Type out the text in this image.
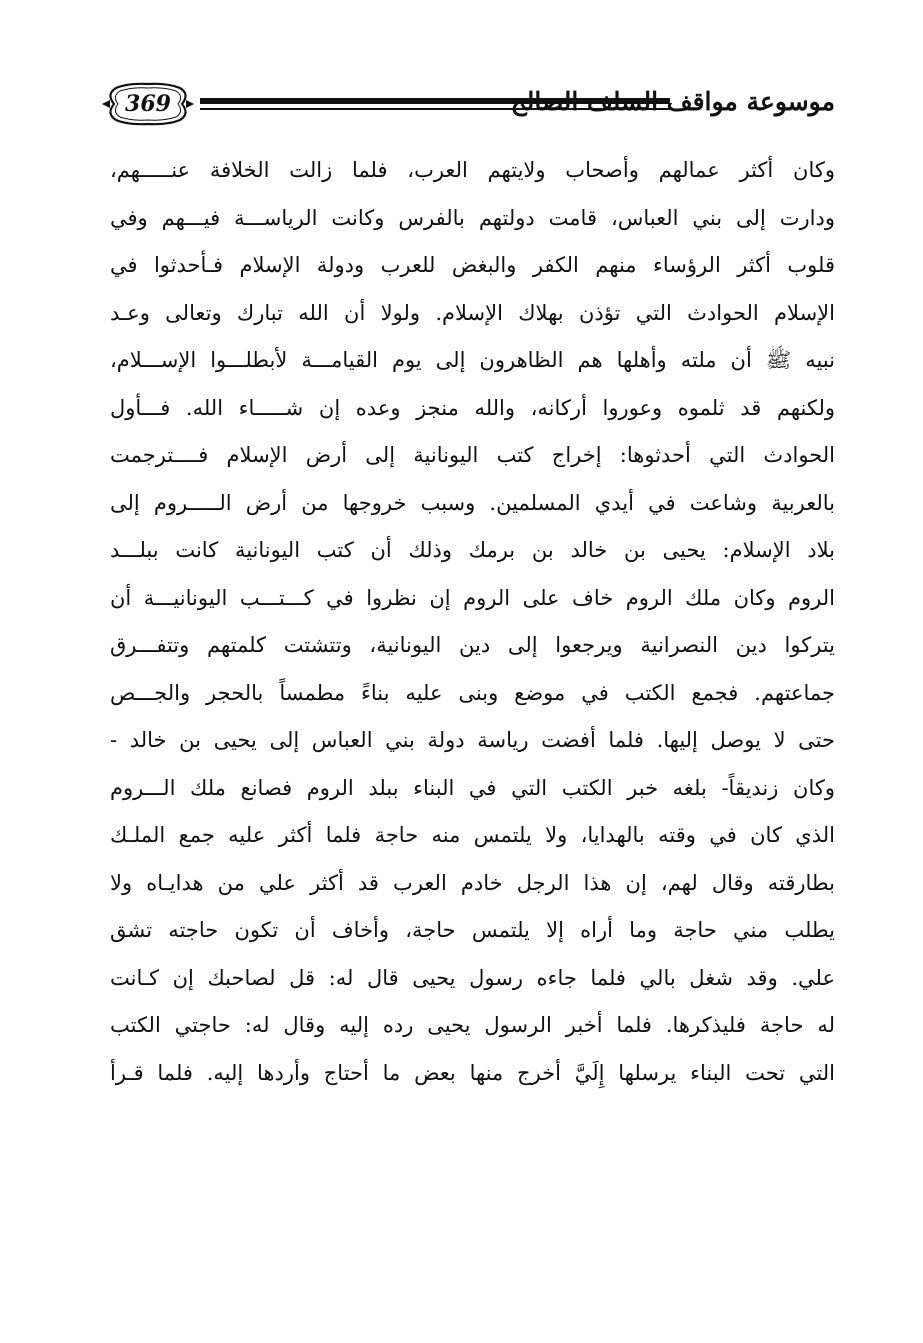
369	موسوعة مواقف السلف الصالح
وكان أكثر عمالهم وأصحاب ولايتهم العرب، فلما زالت الخلافة عنـــــهم،
ودارت إلى بني العباس، قامت دولتهم بالفرس وكانت الرياســـة فيـــهم وفي
قلوب أكثر الرؤساء منهم الكفر والبغض للعرب ودولة الإسلام فـأحدثوا في
الإسلام الحوادث التي تؤذن بهلاك الإسلام. ولولا أن الله تبارك وتعالى وعـد
نبيه ﷺ أن ملته وأهلها هم الظاهرون إلى يوم القيامـــة لأبطلـــوا الإســـلام،
ولكنهم قد ثلموه وعوروا أركانه، والله منجز وعده إن شـــــاء الله. فـــأول
الحوادث التي أحدثوها: إخراج كتب اليونانية إلى أرض الإسلام فــــترجمت
بالعربية وشاعت في أيدي المسلمين. وسبب خروجها من أرض الـــــروم إلى
بلاد الإسلام: يحيى بن خالد بن برمك وذلك أن كتب اليونانية كانت ببلـــد
الروم وكان ملك الروم خاف على الروم إن نظروا في كـــتـــب اليونانيـــة أن
يتركوا دين النصرانية ويرجعوا إلى دين اليونانية، وتتشتت كلمتهم وتتفـــرق
جماعتهم. فجمع الكتب في موضع وبنى عليه بناءً مطمساً بالحجر والجـــص
حتى لا يوصل إليها. فلما أفضت رياسة دولة بني العباس إلى يحيى بن خالد -
وكان زنديقاً- بلغه خبر الكتب التي في البناء ببلد الروم فصانع ملك الـــروم
الذي كان في وقته بالهدايا، ولا يلتمس منه حاجة فلما أكثر عليه جمع الملـك
بطارقته وقال لهم، إن هذا الرجل خادم العرب قد أكثر علي من هدايـاه ولا
يطلب مني حاجة وما أراه إلا يلتمس حاجة، وأخاف أن تكون حاجته تشق
علي. وقد شغل بالي فلما جاءه رسول يحيى قال له: قل لصاحبك إن كـانت
له حاجة فليذكرها. فلما أخبر الرسول يحيى رده إليه وقال له: حاجتي الكتب
التي تحت البناء يرسلها إِلَيَّ أخرج منها بعض ما أحتاج وأردها إليه. فلما قـرأ
